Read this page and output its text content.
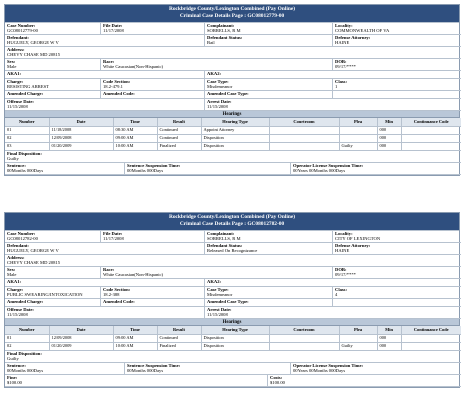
Rockbridge County/Lexington Combined (Pay Online)
Criminal Case Details Page : GC08012779-00
Case Number:
GC08012779-00
File Date:
11/17/2008
Complainant:
SORRELLS, R M
Locality:
COMMONWEALTH OF VA
Defendant:
HUGUELY, GEORGE W V
Defendant Status:
Bail
Defense Attorney:
HAINE
Address:
CHEVY CHASE MD 20815
Sex:
Male
Race:
White Caucasian(Non-Hispanic)
DOB:
09/17/****
AKA1:	AKA2:
Charge:
RESISTING ARREST
Code Section:
18.2-479.1
Case Type:
Misdemeanor
Class:
1
Amended Charge:	Amended Code:	Amended Case Type:
Offense Date:
11/15/2008
Arrest Date:
11/15/2008
Hearings
Number	Date	Time	Result	Hearing Type	Courtroom	Plea	Min	Continuance Code
01	11/18/2008	08:30 AM	Continued	Appoint Attorney			000	
02	12/09/2008	09:00 AM	Continued	Disposition			000	
03	01/20/2009	10:00 AM	Finalized	Disposition		Guilty	000	
Final Disposition:
Guilty
Sentence:
00Months 000Days
Sentence Suspension Time:
00Months 000Days
Operator License Suspension Time:
00Years 00Months 000Days
Rockbridge County/Lexington Combined (Pay Online)
Criminal Case Details Page : GC08012782-00
Case Number:
GC08012782-00
File Date:
11/17/2008
Complainant:
SORRELLS, R M
Locality:
CITY OF LEXINGTON
Defendant:
HUGUELY, GEORGE W V
Defendant Status:
Released On Recognizance
Defense Attorney:
HAINE
Address:
CHEVY CHASE MD 20815
Sex:
Male
Race:
White Caucasian(Non-Hispanic)
DOB:
09/17/****
AKA1:	AKA2:
Charge:
PUBLIC SWEARING/INTOXICATION
Code Section:
18.2-388
Case Type:
Misdemeanor
Class:
4
Amended Charge:	Amended Code:	Amended Case Type:
Offense Date:
11/15/2008
Arrest Date:
11/15/2008
Hearings
Number	Date	Time	Result	Hearing Type	Courtroom	Plea	Min	Continuance Code
01	12/09/2008	09:00 AM	Continued	Disposition			000	
02	01/20/2009	10:00 AM	Finalized	Disposition		Guilty	000	
Final Disposition:
Guilty
Sentence:
00Months 000Days
Sentence Suspension Time:
00Months 000Days
Operator License Suspension Time:
00Years 00Months 000Days
Fine:
$100.00
Costs:
$100.00
